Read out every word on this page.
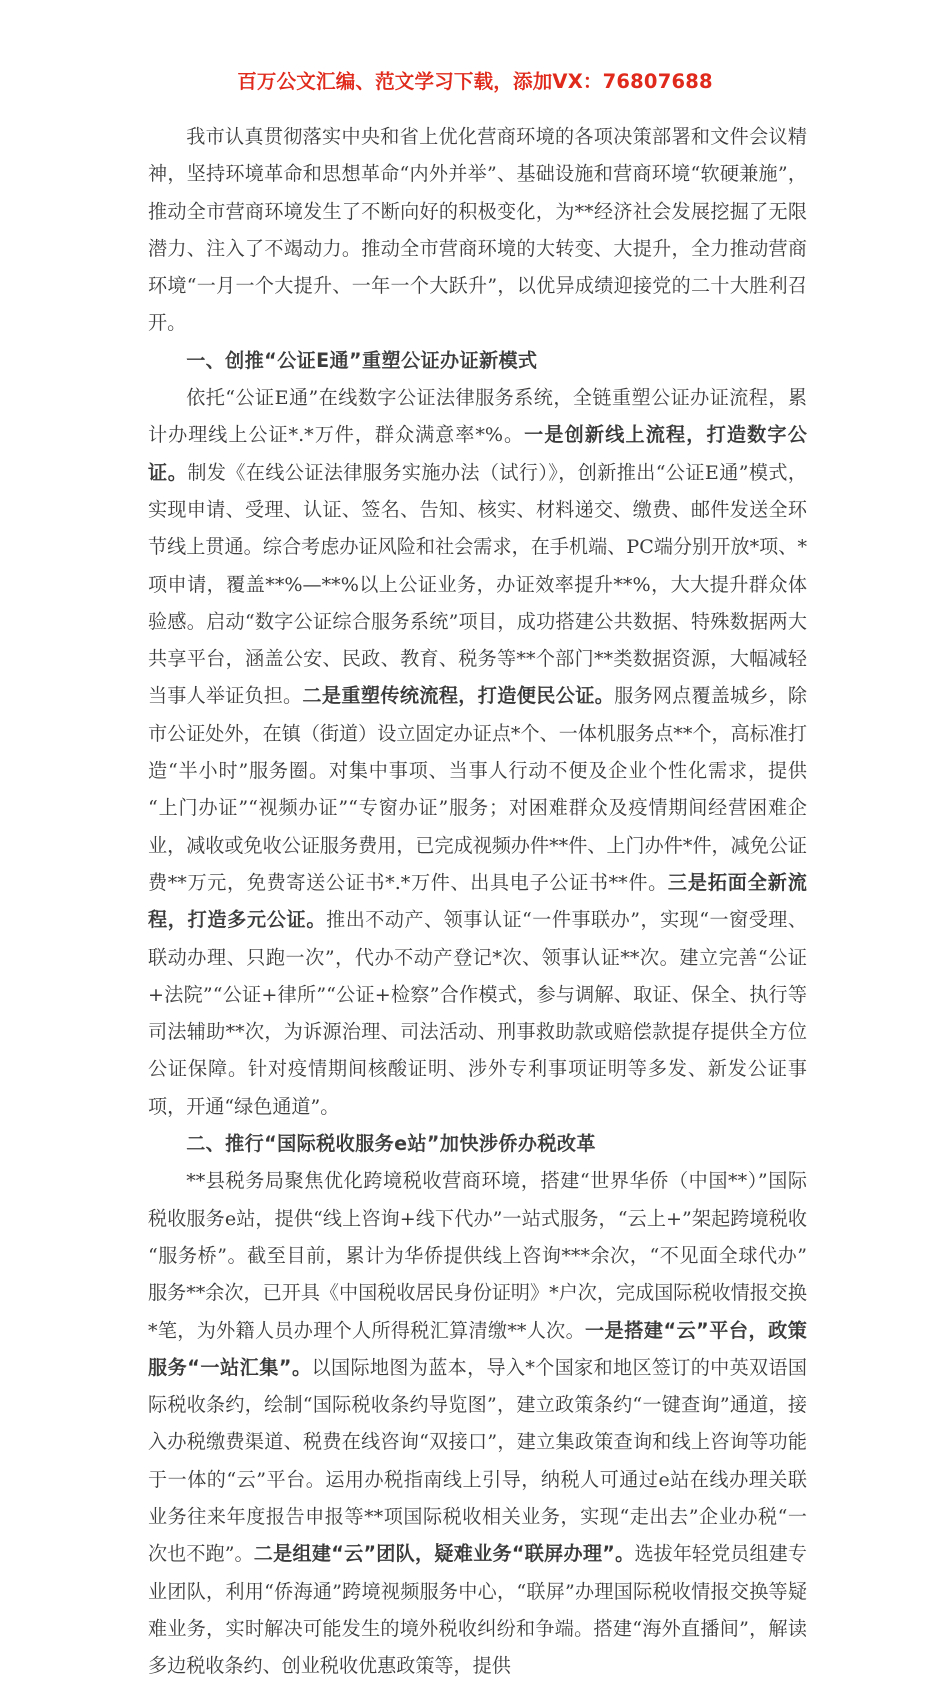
百万公文汇编、范文学习下载，添加VX：76807688

我市认真贯彻落实中央和省上优化营商环境的各项决策部署和文件会议精神，坚持环境革命和思想革命“内外并举”、基础设施和营商环境“软硬兼施”，推动全市营商环境发生了不断向好的积极变化，为**经济社会发展挖掘了无限潜力、注入了不竭动力。推动全市营商环境的大转变、大提升，全力推动营商环境“一月一个大提升、一年一个大跃升”，以优异成绩迎接党的二十大胜利召开。

一、创推“公证E通”重塑公证办证新模式

依托“公证E通”在线数字公证法律服务系统，全链重塑公证办证流程，累计办理线上公证*.*万件，群众满意率*%。一是创新线上流程，打造数字公证。制发《在线公证法律服务实施办法（试行）》，创新推出“公证E通”模式，实现申请、受理、认证、签名、告知、核实、材料递交、缴费、邮件发送全环节线上贯通。综合考虑办证风险和社会需求，在手机端、PC端分别开放*项、*项申请，覆盖**%—**%以上公证业务，办证效率提升**%，大大提升群众体验感。启动“数字公证综合服务系统”项目，成功搭建公共数据、特殊数据两大共享平台，涵盖公安、民政、教育、税务等**个部门**类数据资源，大幅减轻当事人举证负担。二是重塑传统流程，打造便民公证。服务网点覆盖城乡，除市公证处外，在镇（街道）设立固定办证点*个、一体机服务点**个，高标准打造“半小时”服务圈。对集中事项、当事人行动不便及企业个性化需求，提供“上门办证”“视频办证”“专窗办证”服务；对困难群众及疫情期间经营困难企业，减收或免收公证服务费用，已完成视频办件**件、上门办件*件，减免公证费**万元，免费寄送公证书*.*万件、出具电子公证书**件。三是拓面全新流程，打造多元公证。推出不动产、领事认证“一件事联办”，实现“一窗受理、联动办理、只跑一次”，代办不动产登记*次、领事认证**次。建立完善“公证+法院”“公证+律所”“公证+检察”合作模式，参与调解、取证、保全、执行等司法辅助**次，为诉源治理、司法活动、刑事救助款或赔偿款提存提供全方位公证保障。针对疫情期间核酸证明、涉外专利事项证明等多发、新发公证事项，开通“绿色通道”。

二、推行“国际税收服务e站”加快涉侨办税改革

**县税务局聚焦优化跨境税收营商环境，搭建“世界华侨（中国**）”国际税收服务e站，提供“线上咨询+线下代办”一站式服务，“云上+”架起跨境税收“服务桥”。截至目前，累计为华侨提供线上咨询***余次，“不见面全球代办”服务**余次，已开具《中国税收居民身份证明》*户次，完成国际税收情报交换*笔，为外籍人员办理个人所得税汇算清缴**人次。一是搭建“云”平台，政策服务“一站汇集”。以国际地图为蓝本，导入*个国家和地区签订的中英双语国际税收条约，绘制“国际税收条约导览图”，建立政策条约“一键查询”通道，接入办税缴费渠道、税费在线咨询“双接口”，建立集政策查询和线上咨询等功能于一体的“云”平台。运用办税指南线上引导，纳税人可通过e站在线办理关联业务往来年度报告申报等**项国际税收相关业务，实现“走出去”企业办税“一次也不跑”。二是组建“云”团队，疑难业务“联屏办理”。选拔年轻党员组建专业团队，利用“侨海通”跨境视频服务中心，“联屏”办理国际税收情报交换等疑难业务，实时解决可能发生的境外税收纠纷和争端。搭建“海外直播间”，解读多边税收条约、创业税收优惠政策等，提供
